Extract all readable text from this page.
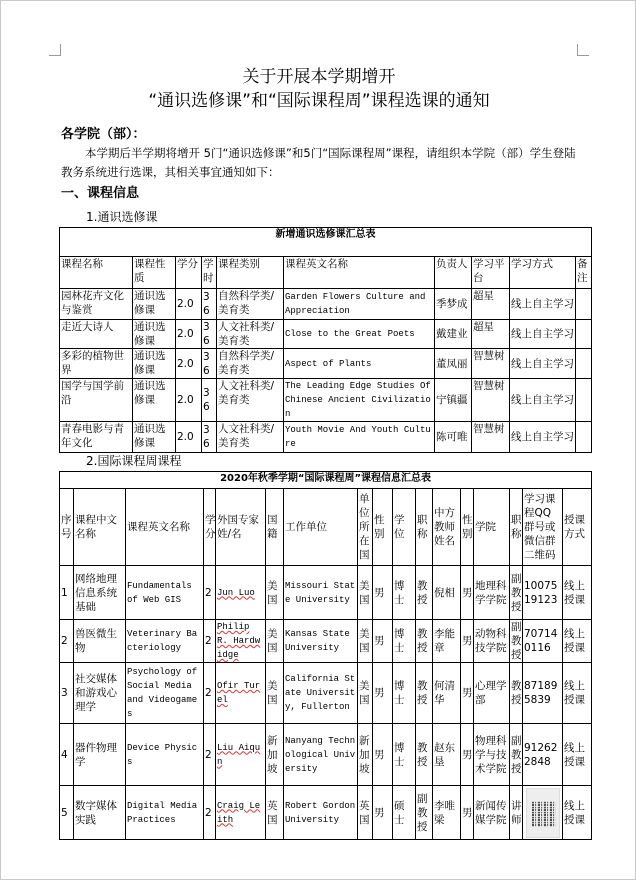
关于开展本学期增开
“通识选修课”和“国际课程周”课程选课的通知
各学院（部）：
本学期后半学期将增开 5门“通识选修课”和5门“国际课程周”课程，请组织本学院（部）学生登陆教务系统进行选课，其相关事宜通知如下：
一、课程信息
1.通识选修课
新增通识选修课汇总表									
课程名称	课程性质	学分	学时	课程类别	课程英文名称	负责人	学习平台	学习方式	备注
园林花卉文化与鉴赏	通识选修课	2.0	36	自然科学类/美育类	Garden Flowers Culture and Appreciation	季梦成	超星	线上自主学习	
走近大诗人	通识选修课	2.0	36	人文社科类/美育类	Close to the Great Poets	戴建业	超星	线上自主学习	
多彩的植物世界	通识选修课	2.0	36	自然科学类/美育类	Aspect of Plants	董凤丽	智慧树	线上自主学习	
国学与国学前沿	通识选修课	2.0	36	人文社科类/美育类	The Leading Edge Studies Of Chinese Ancient Civilization	宁镇疆	智慧树	线上自主学习	
青春电影与青年文化	通识选修课	2.0	36	人文社科类/美育类	Youth Movie And Youth Culture	陈可唯	智慧树	线上自主学习	
2.国际课程周课程
2020年秋季学期“国际课程周”课程信息汇总表																
序号	课程中文名称	课程英文名称	学分	外国专家姓/名	国籍	工作单位	单位所在国	性别	学位	职称	中方教师姓名	性别	学院	职称	学习课程QQ群号或微信群二维码	授课方式
1	网络地理信息系统基础	Fundamentals of Web GIS	2	Jun Luo	美国	Missouri State University	美国	男	博士	教授	倪相	男	地理科学学院	副教授	1007519123	线上授课
2	兽医微生物	Veterinary Bacteriology	2	Philip R. Hardwidge	美国	Kansas State University	美国	男	博士	教授	李能章	男	动物科技学院	副教授	707140116	线上授课
3	社交媒体和游戏心理学	Psychology of Social Media and Videogames	2	Ofir Turel	美国	California State University, Fullerton	美国	男	博士	教授	何清华	男	心理学部	教授	871895839	线上授课
4	器件物理学	Device Physics	2	Liu Aiqun	新加坡	Nanyang Technological University	新加坡	男	博士	教授	赵东垦	男	物理科学与技术学院	副教授	912622848	线上授课
5	数字媒体实践	Digital Media Practices	2	Craig Leith	英国	Robert Gordon University	英国	男	硕士	副教授	李唯梁	男	新闻传媒学院	讲师		线上授课
